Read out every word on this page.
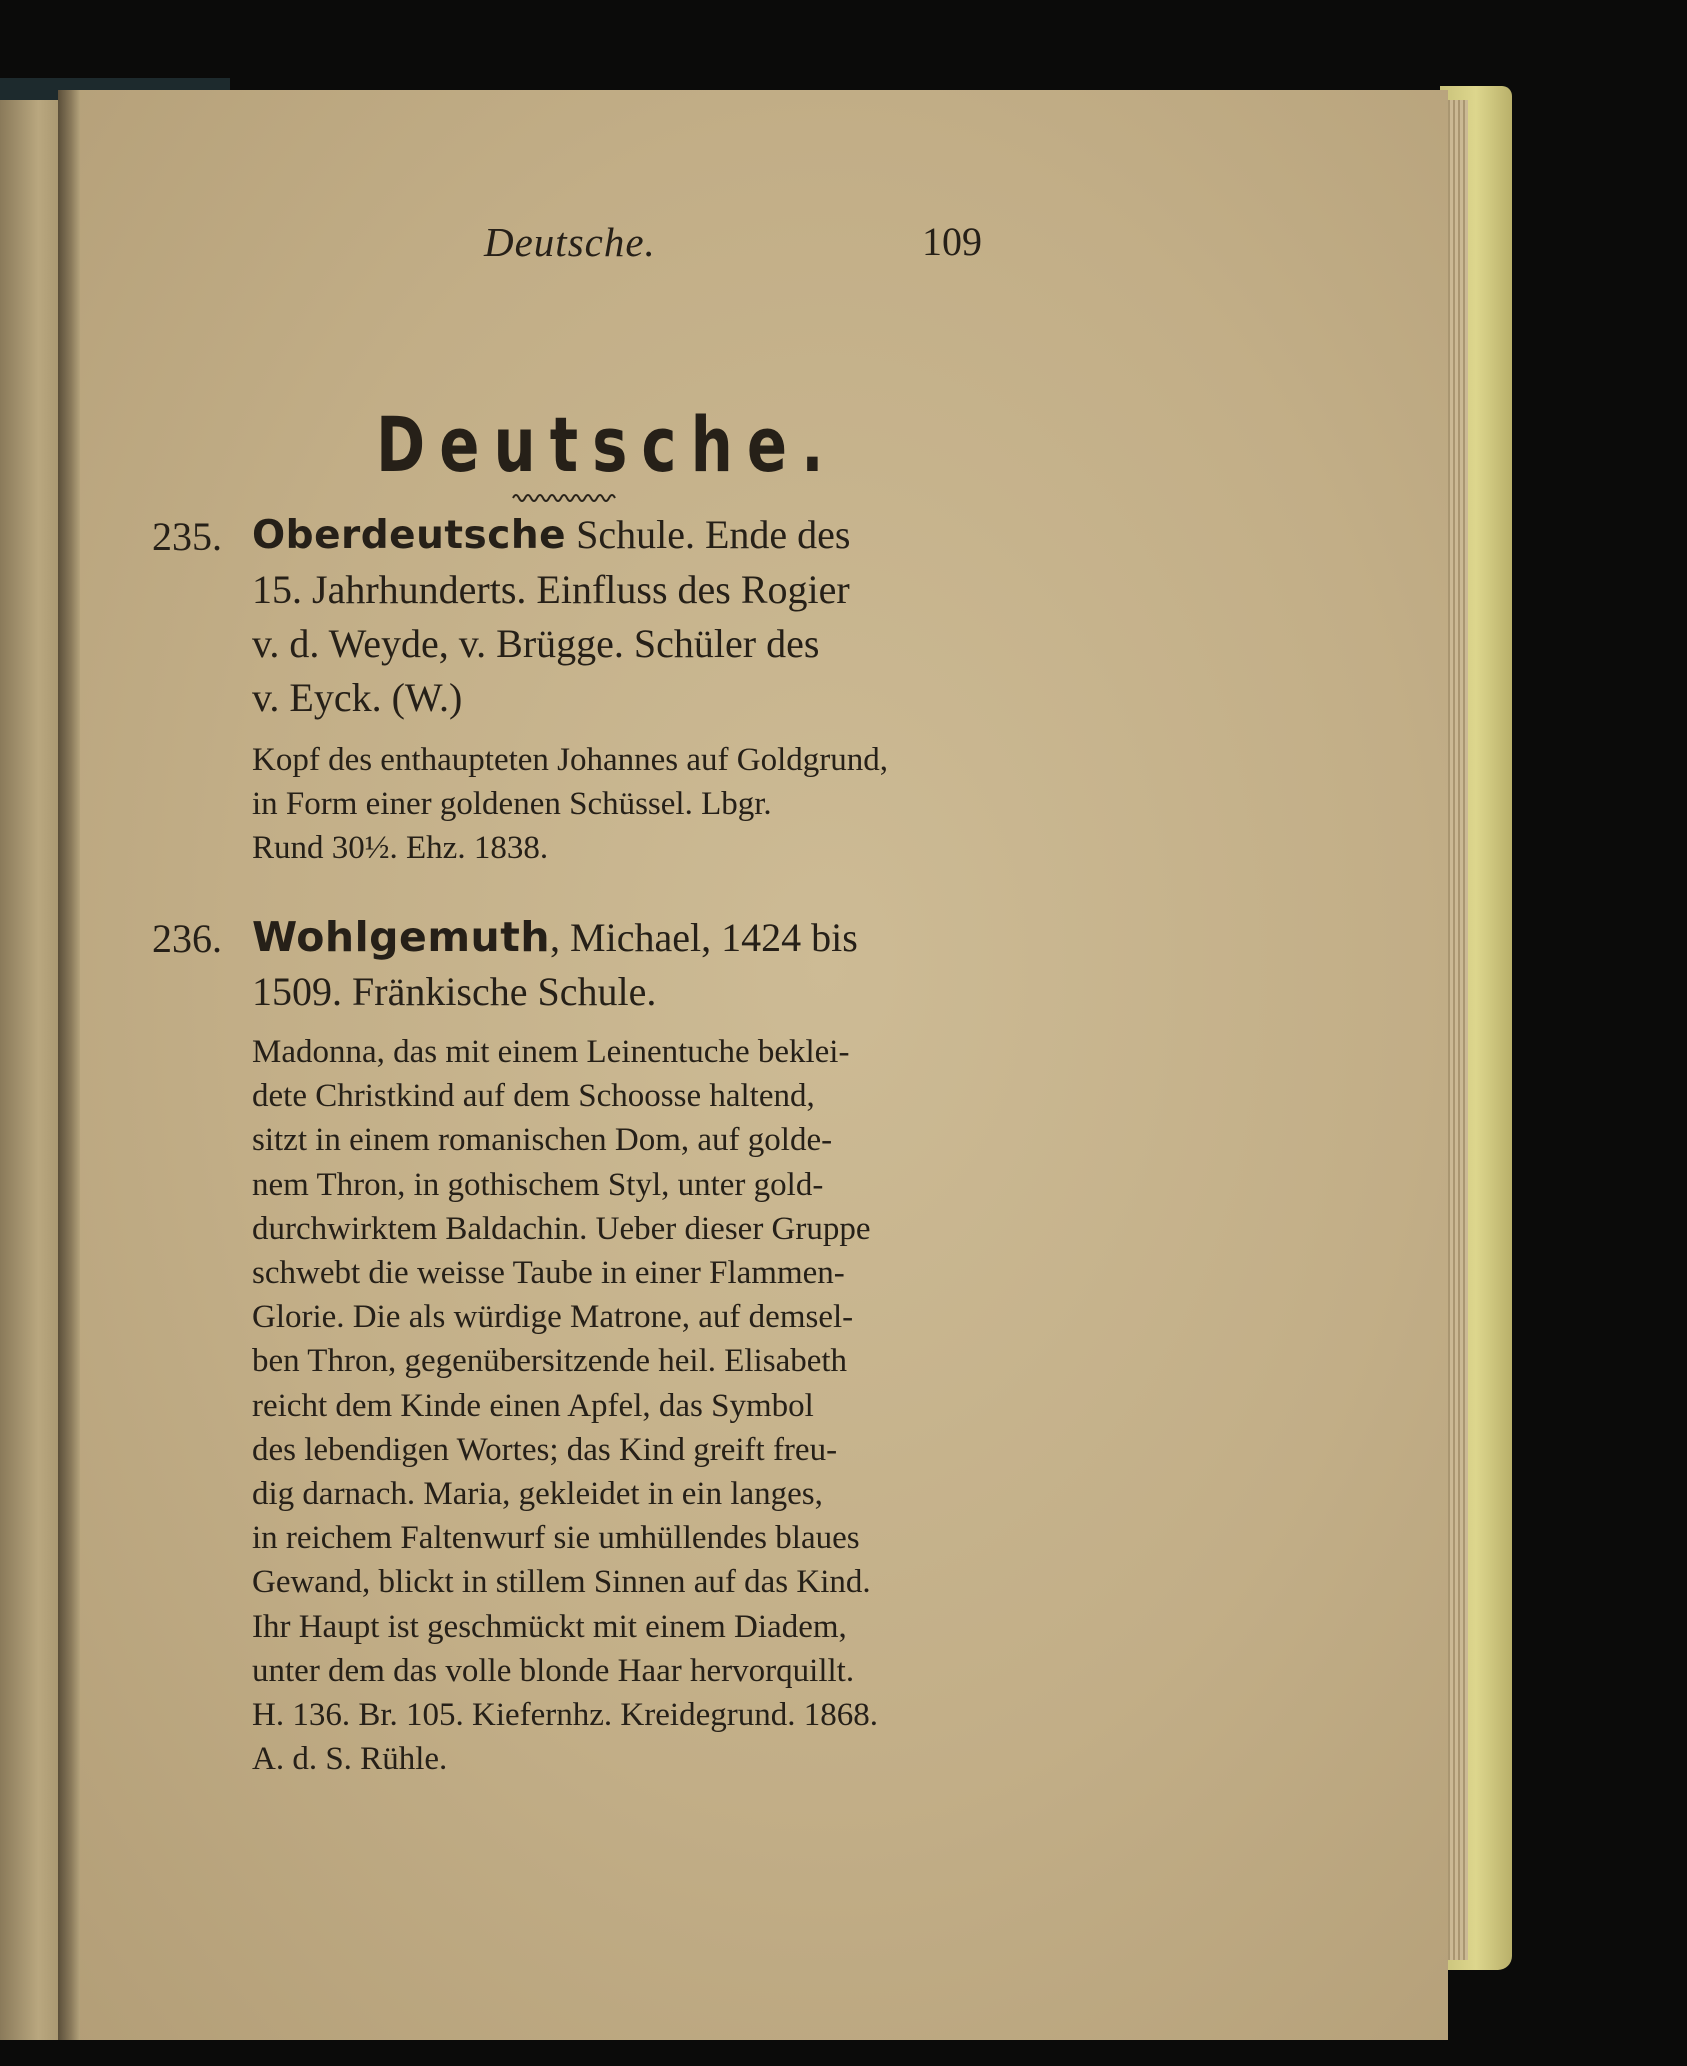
Deutsche.	109
Deutsche.
235. Oberdeutsche Schule. Ende des
15. Jahrhunderts. Einfluss des Rogier
v. d. Weyde, v. Brügge. Schüler des
v. Eyck. (W.)
Kopf des enthaupteten Johannes auf Goldgrund,
in Form einer goldenen Schüssel. Lbgr.
Rund 30½. Ehz. 1838.
236. Wohlgemuth, Michael, 1424 bis
1509. Fränkische Schule.
Madonna, das mit einem Leinentuche beklei-
dete Christkind auf dem Schoosse haltend,
sitzt in einem romanischen Dom, auf golde-
nem Thron, in gothischem Styl, unter gold-
durchwirktem Baldachin. Ueber dieser Gruppe
schwebt die weisse Taube in einer Flammen-
Glorie. Die als würdige Matrone, auf demsel-
ben Thron, gegenübersitzende heil. Elisabeth
reicht dem Kinde einen Apfel, das Symbol
des lebendigen Wortes; das Kind greift freu-
dig darnach. Maria, gekleidet in ein langes,
in reichem Faltenwurf sie umhüllendes blaues
Gewand, blickt in stillem Sinnen auf das Kind.
Ihr Haupt ist geschmückt mit einem Diadem,
unter dem das volle blonde Haar hervorquillt.
H. 136. Br. 105. Kiefernhz. Kreidegrund. 1868.
A. d. S. Rühle.
